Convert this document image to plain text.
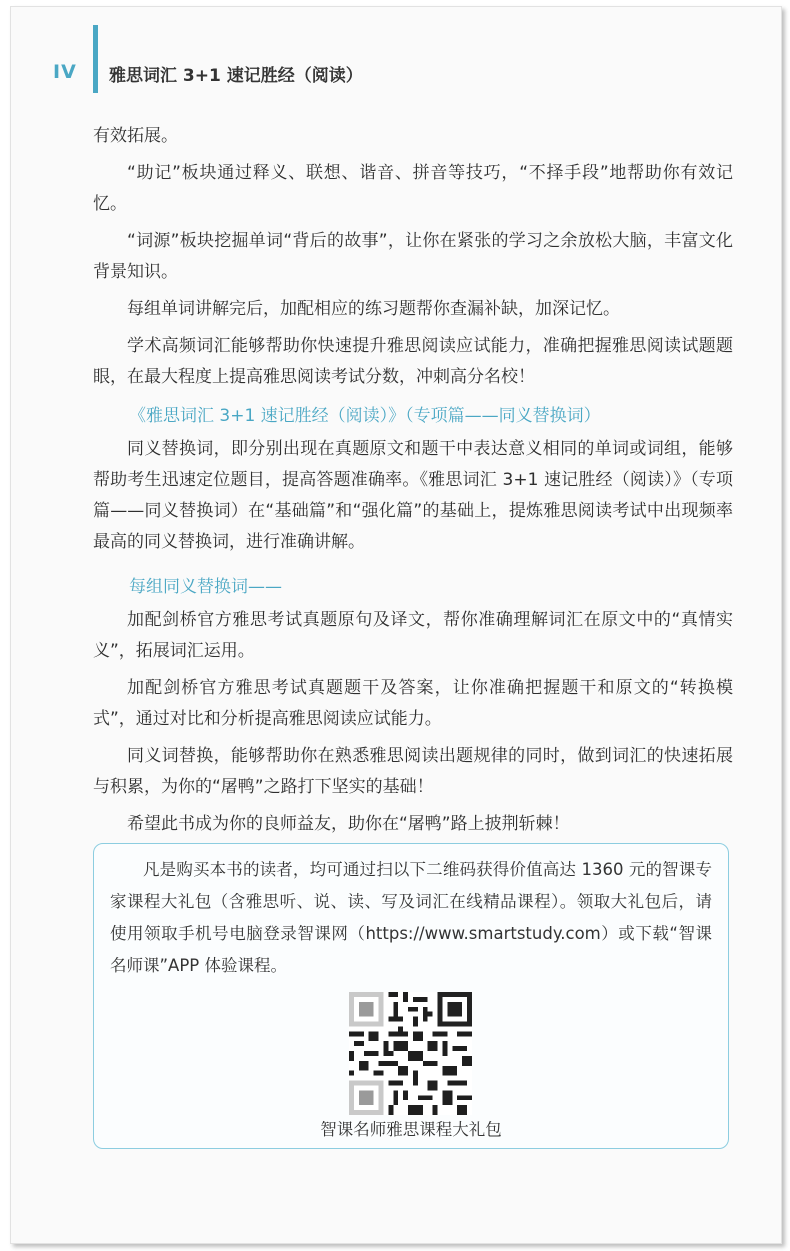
IV 雅思词汇 3+1 速记胜经（阅读）

有效拓展。

“助记”板块通过释义、联想、谐音、拼音等技巧，“不择手段”地帮助你有效记忆。

“词源”板块挖掘单词“背后的故事”，让你在紧张的学习之余放松大脑，丰富文化背景知识。

每组单词讲解完后，加配相应的练习题帮你查漏补缺，加深记忆。

学术高频词汇能够帮助你快速提升雅思阅读应试能力，准确把握雅思阅读试题题眼，在最大程度上提高雅思阅读考试分数，冲刺高分名校！

《雅思词汇 3+1 速记胜经（阅读）》（专项篇——同义替换词）

同义替换词，即分别出现在真题原文和题干中表达意义相同的单词或词组，能够帮助考生迅速定位题目，提高答题准确率。《雅思词汇 3+1 速记胜经（阅读）》（专项篇——同义替换词）在“基础篇”和“强化篇”的基础上，提炼雅思阅读考试中出现频率最高的同义替换词，进行准确讲解。

每组同义替换词——

加配剑桥官方雅思考试真题原句及译文，帮你准确理解词汇在原文中的“真情实义”，拓展词汇运用。

加配剑桥官方雅思考试真题题干及答案，让你准确把握题干和原文的“转换模式”，通过对比和分析提高雅思阅读应试能力。

同义词替换，能够帮助你在熟悉雅思阅读出题规律的同时，做到词汇的快速拓展与积累，为你的“屠鸭”之路打下坚实的基础！

希望此书成为你的良师益友，助你在“屠鸭”路上披荆斩棘！

凡是购买本书的读者，均可通过扫以下二维码获得价值高达 1360 元的智课专家课程大礼包（含雅思听、说、读、写及词汇在线精品课程）。领取大礼包后，请使用领取手机号电脑登录智课网（https://www.smartstudy.com）或下载“智课名师课”APP 体验课程。

智课名师雅思课程大礼包
